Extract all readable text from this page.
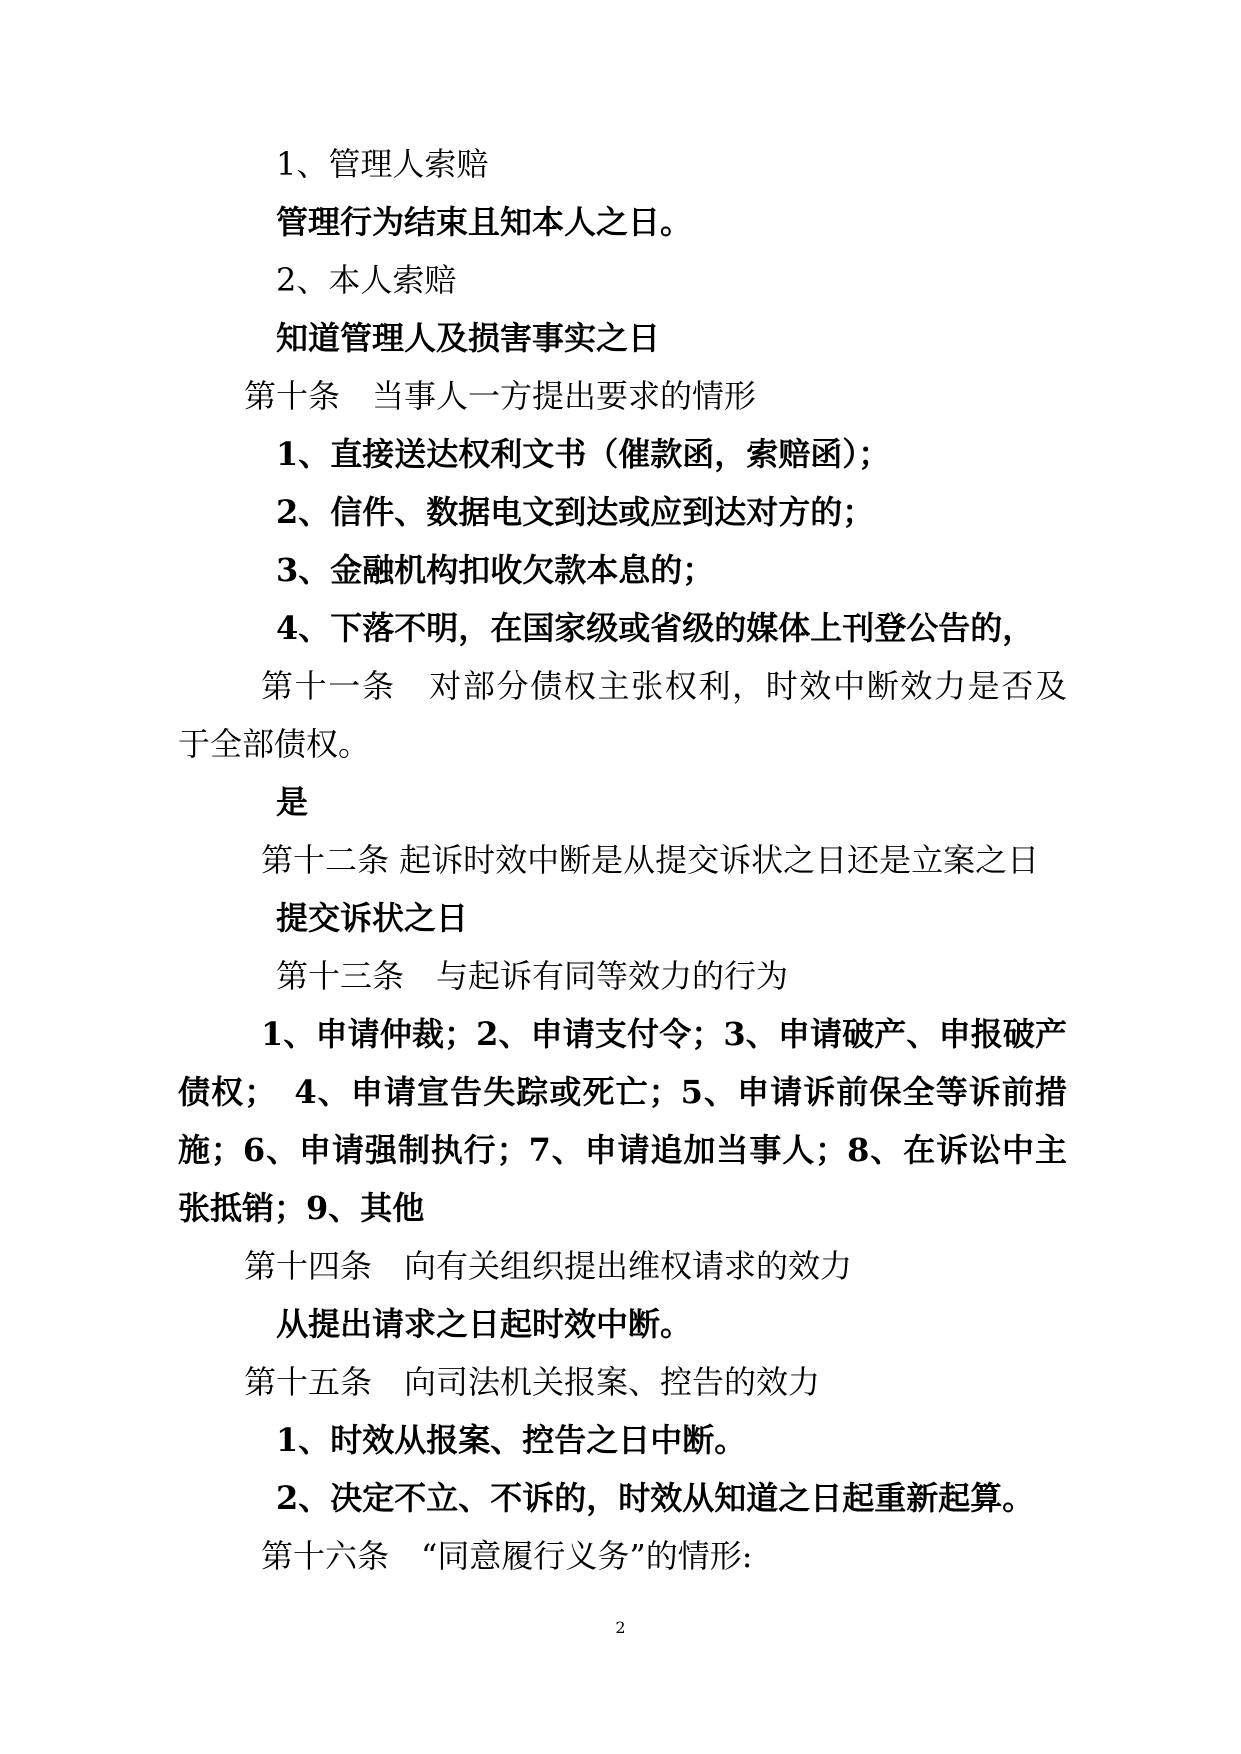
1、管理人索赔
管理行为结束且知本人之日。
2、本人索赔
知道管理人及损害事实之日
第十条　当事人一方提出要求的情形
1、直接送达权利文书（催款函，索赔函）；
2、信件、数据电文到达或应到达对方的；
3、金融机构扣收欠款本息的；
4、下落不明，在国家级或省级的媒体上刊登公告的，
第十一条　对部分债权主张权利，时效中断效力是否及
于全部债权。
是
第十二条 起诉时效中断是从提交诉状之日还是立案之日
提交诉状之日
第十三条　与起诉有同等效力的行为
1、申请仲裁；2、申请支付令；3、申请破产、申报破产
债权；　4、申请宣告失踪或死亡；5、申请诉前保全等诉前措
施；6、申请强制执行；7、申请追加当事人；8、在诉讼中主
张抵销；9、其他
第十四条　向有关组织提出维权请求的效力
从提出请求之日起时效中断。
第十五条　向司法机关报案、控告的效力
1、时效从报案、控告之日中断。
2、决定不立、不诉的，时效从知道之日起重新起算。
第十六条　“同意履行义务”的情形:
2
